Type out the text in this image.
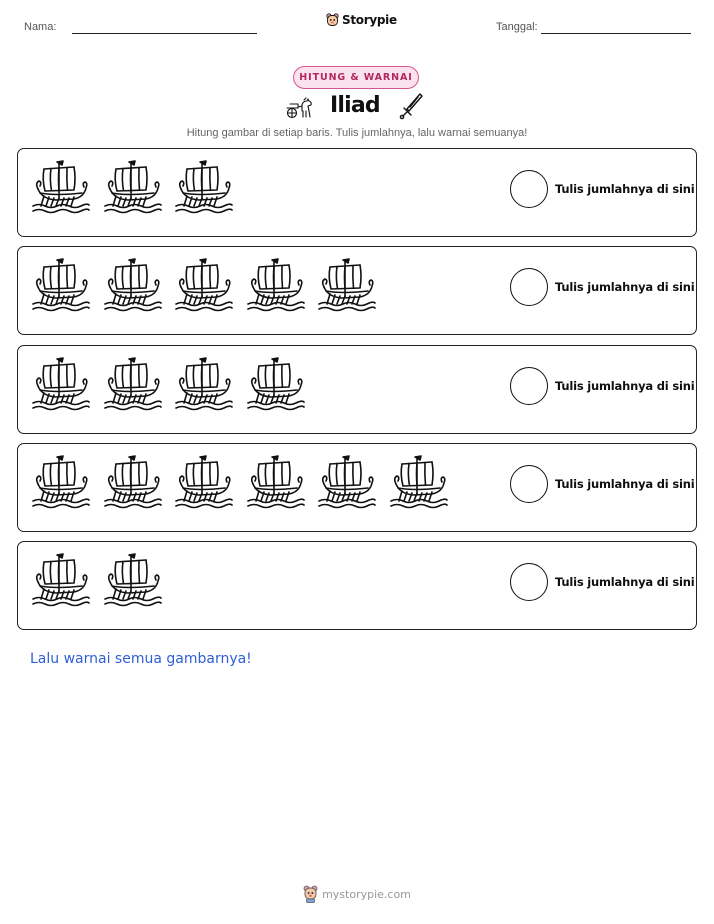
Nama:	Storypie	Tanggal:
HITUNG & WARNAI
Iliad
Hitung gambar di setiap baris. Tulis jumlahnya, lalu warnai semuanya!
Tulis jumlahnya di sini
Tulis jumlahnya di sini
Tulis jumlahnya di sini
Tulis jumlahnya di sini
Tulis jumlahnya di sini
Lalu warnai semua gambarnya!
mystorypie.com
